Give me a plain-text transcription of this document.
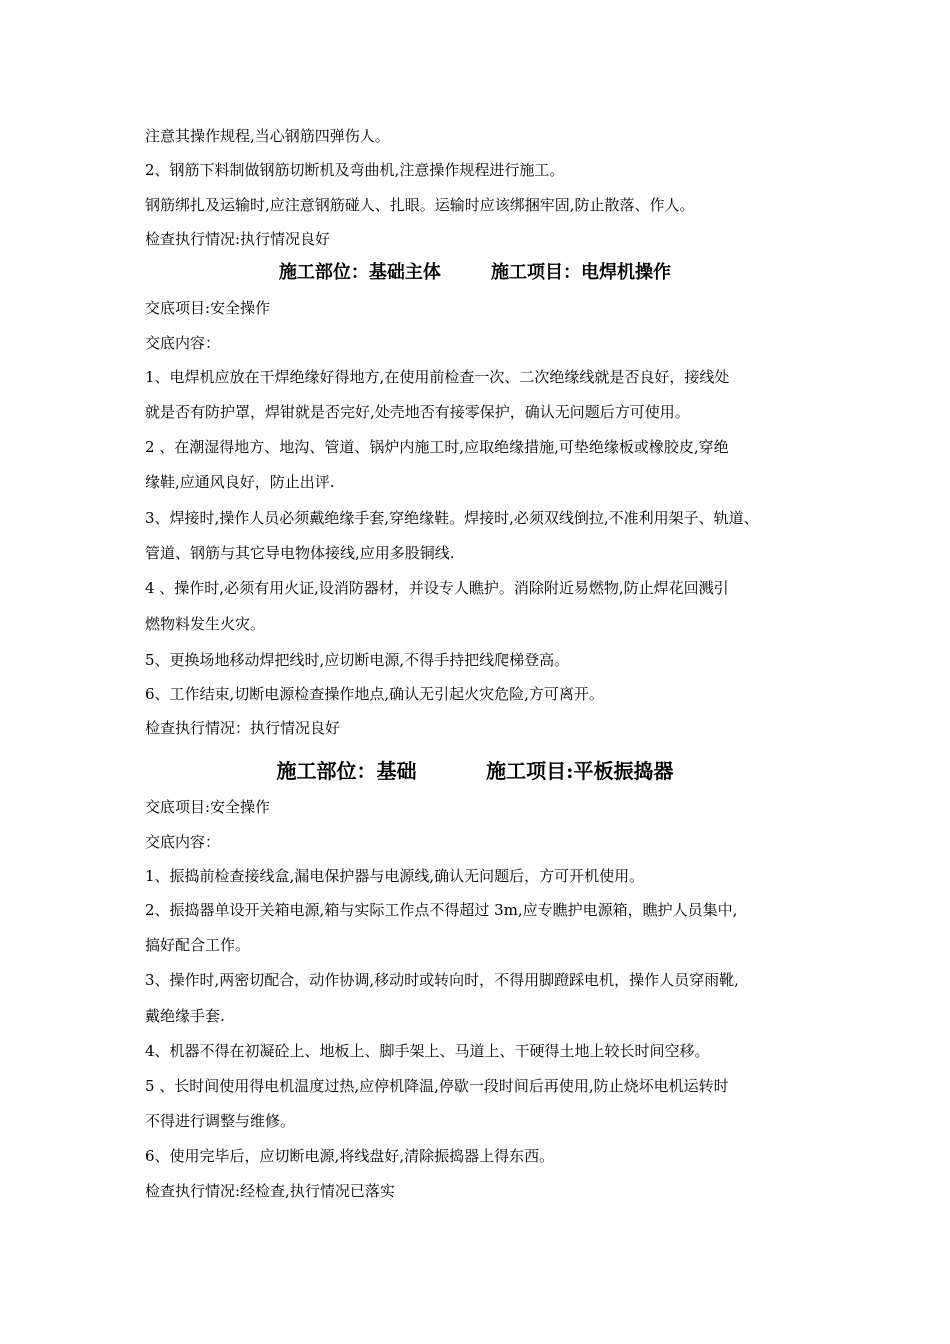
注意其操作规程,当心钢筋四弹伤人。
2、钢筋下料制做钢筋切断机及弯曲机,注意操作规程进行施工。
钢筋绑扎及运输时,应注意钢筋碰人、扎眼。运输时应该绑捆牢固,防止散落、作人。
检查执行情况:执行情况良好
施工部位：基础主体        施工项目：电焊机操作
交底项目:安全操作
交底内容：
1、电焊机应放在干焊绝缘好得地方,在使用前检查一次、二次绝缘线就是否良好，接线处
就是否有防护罩，焊钳就是否完好,处壳地否有接零保护，确认无问题后方可使用。
2 、在潮湿得地方、地沟、管道、锅炉内施工时,应取绝缘措施,可垫绝缘板或橡胶皮,穿绝
缘鞋,应通风良好，防止出评.
3、焊接时,操作人员必须戴绝缘手套,穿绝缘鞋。焊接时,必须双线倒拉,不准利用架子、轨道、
管道、钢筋与其它导电物体接线,应用多股铜线.
4 、操作时,必须有用火证,设消防器材，并设专人瞧护。消除附近易燃物,防止焊花回溅引
燃物料发生火灾。
5、更换场地移动焊把线时,应切断电源,不得手持把线爬梯登高。
6、工作结束,切断电源检查操作地点,确认无引起火灾危险,方可离开。
检查执行情况：执行情况良好
施工部位：基础          施工项目:平板振捣器
交底项目:安全操作
交底内容：
1、振捣前检查接线盒,漏电保护器与电源线,确认无问题后，方可开机使用。
2、振捣器单设开关箱电源,箱与实际工作点不得超过 3m,应专瞧护电源箱，瞧护人员集中,
搞好配合工作。
3、操作时,两密切配合，动作协调,移动时或转向时，不得用脚蹬踩电机，操作人员穿雨靴,
戴绝缘手套.
4、机器不得在初凝砼上、地板上、脚手架上、马道上、干硬得土地上较长时间空移。
5 、长时间使用得电机温度过热,应停机降温,停歇一段时间后再使用,防止烧坏电机运转时
不得进行调整与维修。
6、使用完毕后，应切断电源,将线盘好,清除振捣器上得东西。
检查执行情况:经检查,执行情况已落实
